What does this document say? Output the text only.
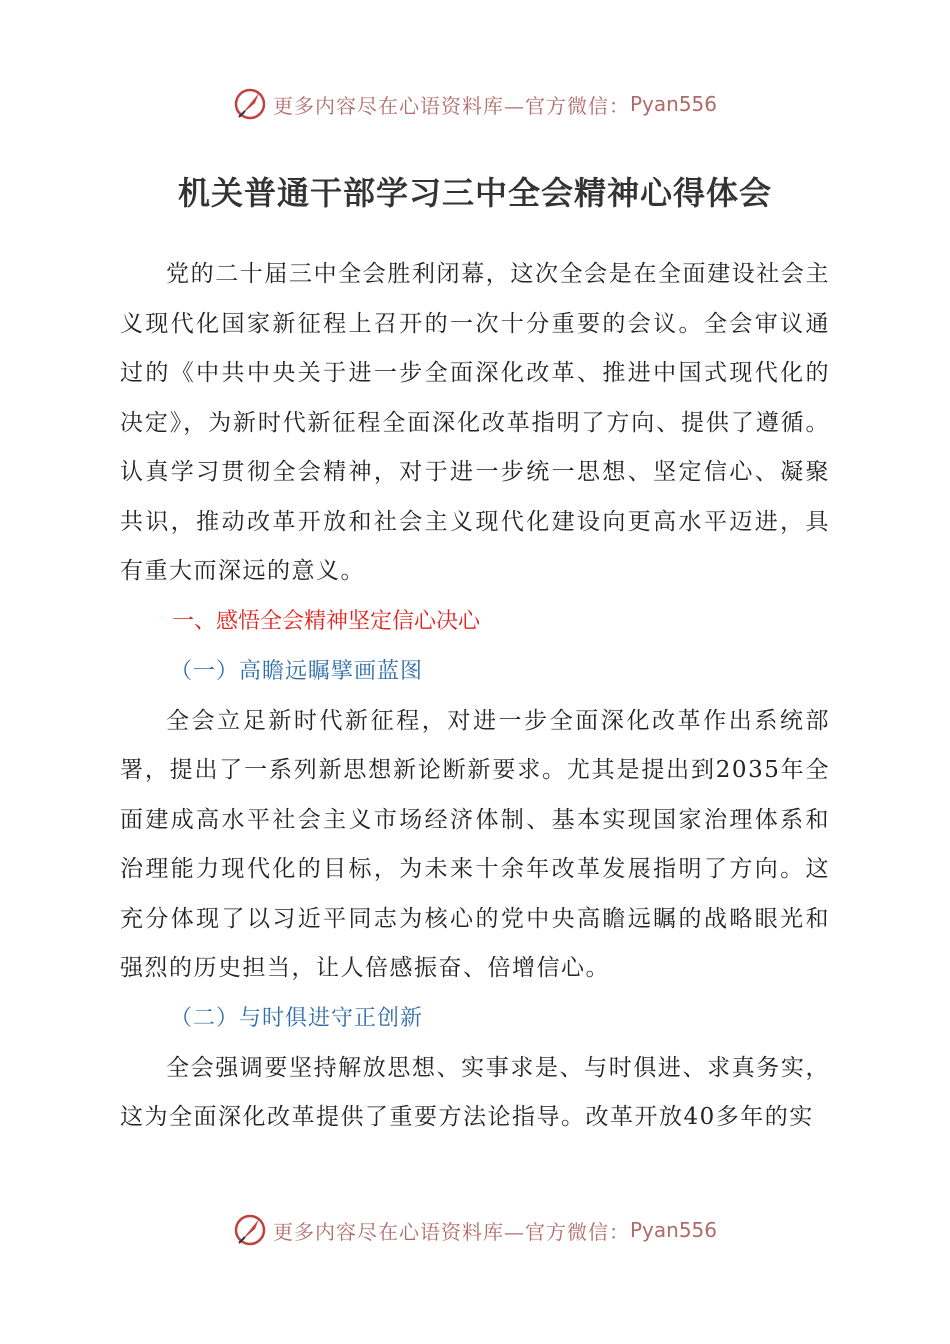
更多内容尽在心语资料库—官方微信： Pyan556
机关普通干部学习三中全会精神心得体会

党的二十届三中全会胜利闭幕，这次全会是在全面建设社会主义现代化国家新征程上召开的一次十分重要的会议。全会审议通过的《中共中央关于进一步全面深化改革、推进中国式现代化的决定》，为新时代新征程全面深化改革指明了方向、提供了遵循。认真学习贯彻全会精神，对于进一步统一思想、坚定信心、凝聚共识，推动改革开放和社会主义现代化建设向更高水平迈进，具有重大而深远的意义。

一、感悟全会精神坚定信心决心

（一）高瞻远瞩擘画蓝图

全会立足新时代新征程，对进一步全面深化改革作出系统部署，提出了一系列新思想新论断新要求。尤其是提出到2035年全面建成高水平社会主义市场经济体制、基本实现国家治理体系和治理能力现代化的目标，为未来十余年改革发展指明了方向。这充分体现了以习近平同志为核心的党中央高瞻远瞩的战略眼光和强烈的历史担当，让人倍感振奋、倍增信心。

（二）与时俱进守正创新

全会强调要坚持解放思想、实事求是、与时俱进、求真务实，这为全面深化改革提供了重要方法论指导。改革开放40多年的实

更多内容尽在心语资料库—官方微信： Pyan556
